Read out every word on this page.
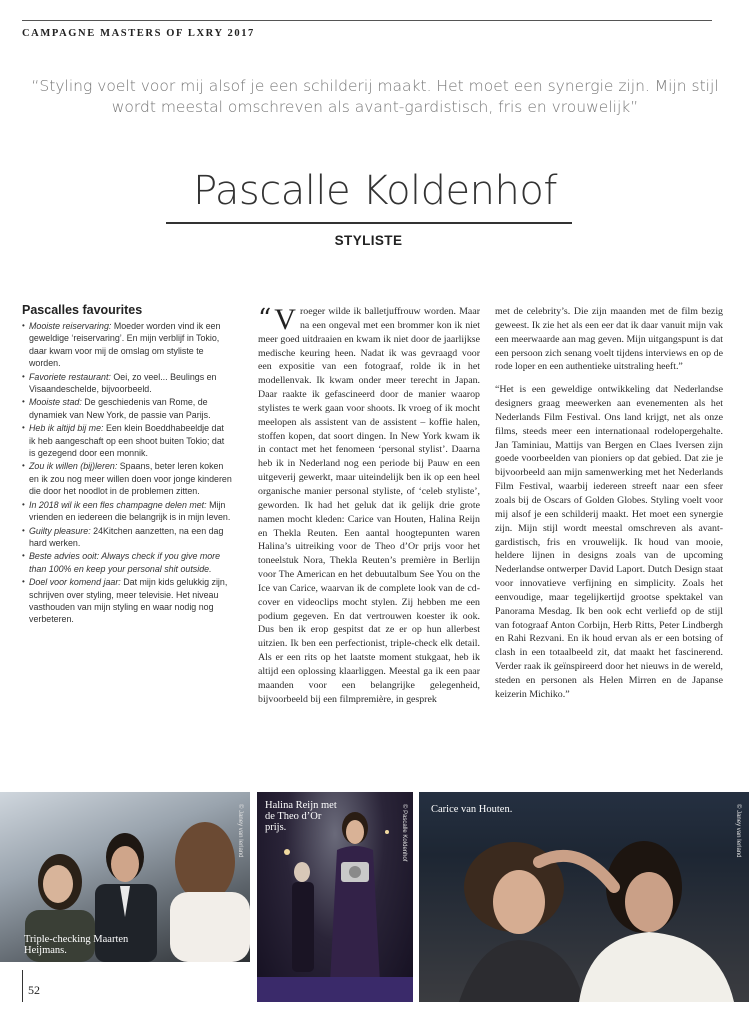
CAMPAGNE MASTERS OF LXRY 2017
“Styling voelt voor mij alsof je een schilderij maakt. Het moet een synergie zijn. Mijn stijl wordt meestal omschreven als avant-gardistisch, fris en vrouwelijk”
Pascalle Koldenhof
STYLISTE
Pascalles favourites
• Mooiste reiservaring: Moeder worden vind ik een geweldige ‘reiservaring’. En mijn verblijf in Tokio, daar kwam voor mij de omslag om styliste te worden.
• Favoriete restaurant: Oei, zo veel... Beulings en Visaandeschelde, bijvoorbeeld.
• Mooiste stad: De geschiedenis van Rome, de dynamiek van New York, de passie van Parijs.
• Heb ik altijd bij me: Een klein Boeddhabeeldje dat ik heb aangeschaft op een shoot buiten Tokio; dat is gezegend door een monnik.
• Zou ik willen (bij)leren: Spaans, beter leren koken en ik zou nog meer willen doen voor jonge kinderen die door het noodlot in de problemen zitten.
• In 2018 wil ik een fles champagne delen met: Mijn vrienden en iedereen die belangrijk is in mijn leven.
• Guilty pleasure: 24Kitchen aanzetten, na een dag hard werken.
• Beste advies ooit: Always check if you give more than 100% en keep your personal shit outside.
• Doel voor komend jaar: Dat mijn kids gelukkig zijn, schrijven over styling, meer televisie. Het niveau vasthouden van mijn styling en waar nodig nog verbeteren.

“ V roeger wilde ik balletjuffrouw worden. Maar na een ongeval met een brommer kon ik niet meer goed uitdraaien en kwam ik niet door de jaarlijkse medische keuring heen. Nadat ik was gevraagd voor een expositie van een fotograaf, rolde ik in het modellenvak. Ik kwam onder meer terecht in Japan. Daar raakte ik gefascineerd door de manier waarop stylistes te werk gaan voor shoots. Ik vroeg of ik mocht meelopen als assistent van de assistent – koffie halen, stoffen kopen, dat soort dingen. In New York kwam ik in contact met het fenomeen ‘personal stylist’. Daarna heb ik in Nederland nog een periode bij Pauw en een uitgeverij gewerkt, maar uiteindelijk ben ik op een heel organische manier personal styliste, of ‘celeb styliste’, geworden. Ik had het geluk dat ik gelijk drie grote namen mocht kleden: Carice van Houten, Halina Reijn en Thekla Reuten. Een aantal hoogtepunten waren Halina’s uitreiking voor de Theo d’Or prijs voor het toneelstuk Nora, Thekla Reuten’s première in Berlijn voor The American en het debuutalbum See You on the Ice van Carice, waarvan ik de complete look van de cd-cover en videoclips mocht stylen. Zij hebben me een podium gegeven. En dat vertrouwen koester ik ook. Dus ben ik erop gespitst dat ze er op hun allerbest uitzien. Ik ben een perfectionist, triple-check elk detail. Als er een rits op het laatste moment stukgaat, heb ik altijd een oplossing klaarliggen. Meestal ga ik een paar maanden voor een belangrijke gelegenheid, bijvoorbeeld bij een filmpremière, in gesprek

met de celebrity’s. Die zijn maanden met de film bezig geweest. Ik zie het als een eer dat ik daar vanuit mijn vak een meerwaarde aan mag geven. Mijn uitgangspunt is dat een persoon zich senang voelt tijdens interviews en op de rode loper en een authentieke uitstraling heeft.”

“Het is een geweldige ontwikkeling dat Nederlandse designers graag meewerken aan evenementen als het Nederlands Film Festival. Ons land krijgt, net als onze films, steeds meer een internationaal rodelopergehalte. Jan Taminiau, Mattijs van Bergen en Claes Iversen zijn goede voorbeelden van pioniers op dat gebied. Dat zie je bijvoorbeeld aan mijn samenwerking met het Nederlands Film Festival, waarbij iedereen streeft naar een sfeer zoals bij de Oscars of Golden Globes. Styling voelt voor mij alsof je een schilderij maakt. Het moet een synergie zijn. Mijn stijl wordt meestal omschreven als avant-gardistisch, fris en vrouwelijk. Ik houd van mooie, heldere lijnen in designs zoals van de upcoming Nederlandse ontwerper David Laport. Dutch Design staat voor innovatieve verfijning en simplicity. Zoals het eenvoudige, maar tegelijkertijd grootse spektakel van Panorama Mesdag. Ik ben ook echt verliefd op de stijl van fotograaf Anton Corbijn, Herb Ritts, Peter Lindbergh en Rahi Rezvani. En ik houd ervan als er een botsing of clash in een totaalbeeld zit, dat maakt het fascinerend. Verder raak ik geïnspireerd door het nieuws in de wereld, steden en personen als Helen Mirren en de Japanse keizerin Michiko.”

Triple-checking Maarten Heijmans.
© Janey van Ierland Halina Reijn met de Theo d’Or prijs.	© Pascalle Koldenhof Carice van Houten.	© Janey van Ierland
52
